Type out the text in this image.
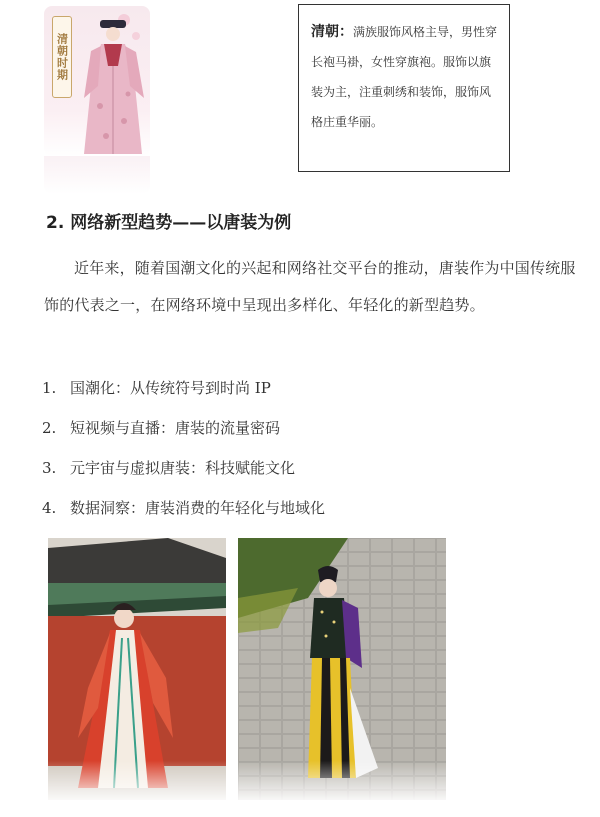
清朝时期
清朝：满族服饰风格主导，男性穿长袍马褂，女性穿旗袍。服饰以旗装为主，注重刺绣和装饰，服饰风格庄重华丽。
2. 网络新型趋势——以唐装为例
近年来，随着国潮文化的兴起和网络社交平台的推动，唐装作为中国传统服饰的代表之一，在网络环境中呈现出多样化、年轻化的新型趋势。
1. 国潮化：从传统符号到时尚 IP
2. 短视频与直播：唐装的流量密码
3. 元宇宙与虚拟唐装：科技赋能文化
4. 数据洞察：唐装消费的年轻化与地域化
